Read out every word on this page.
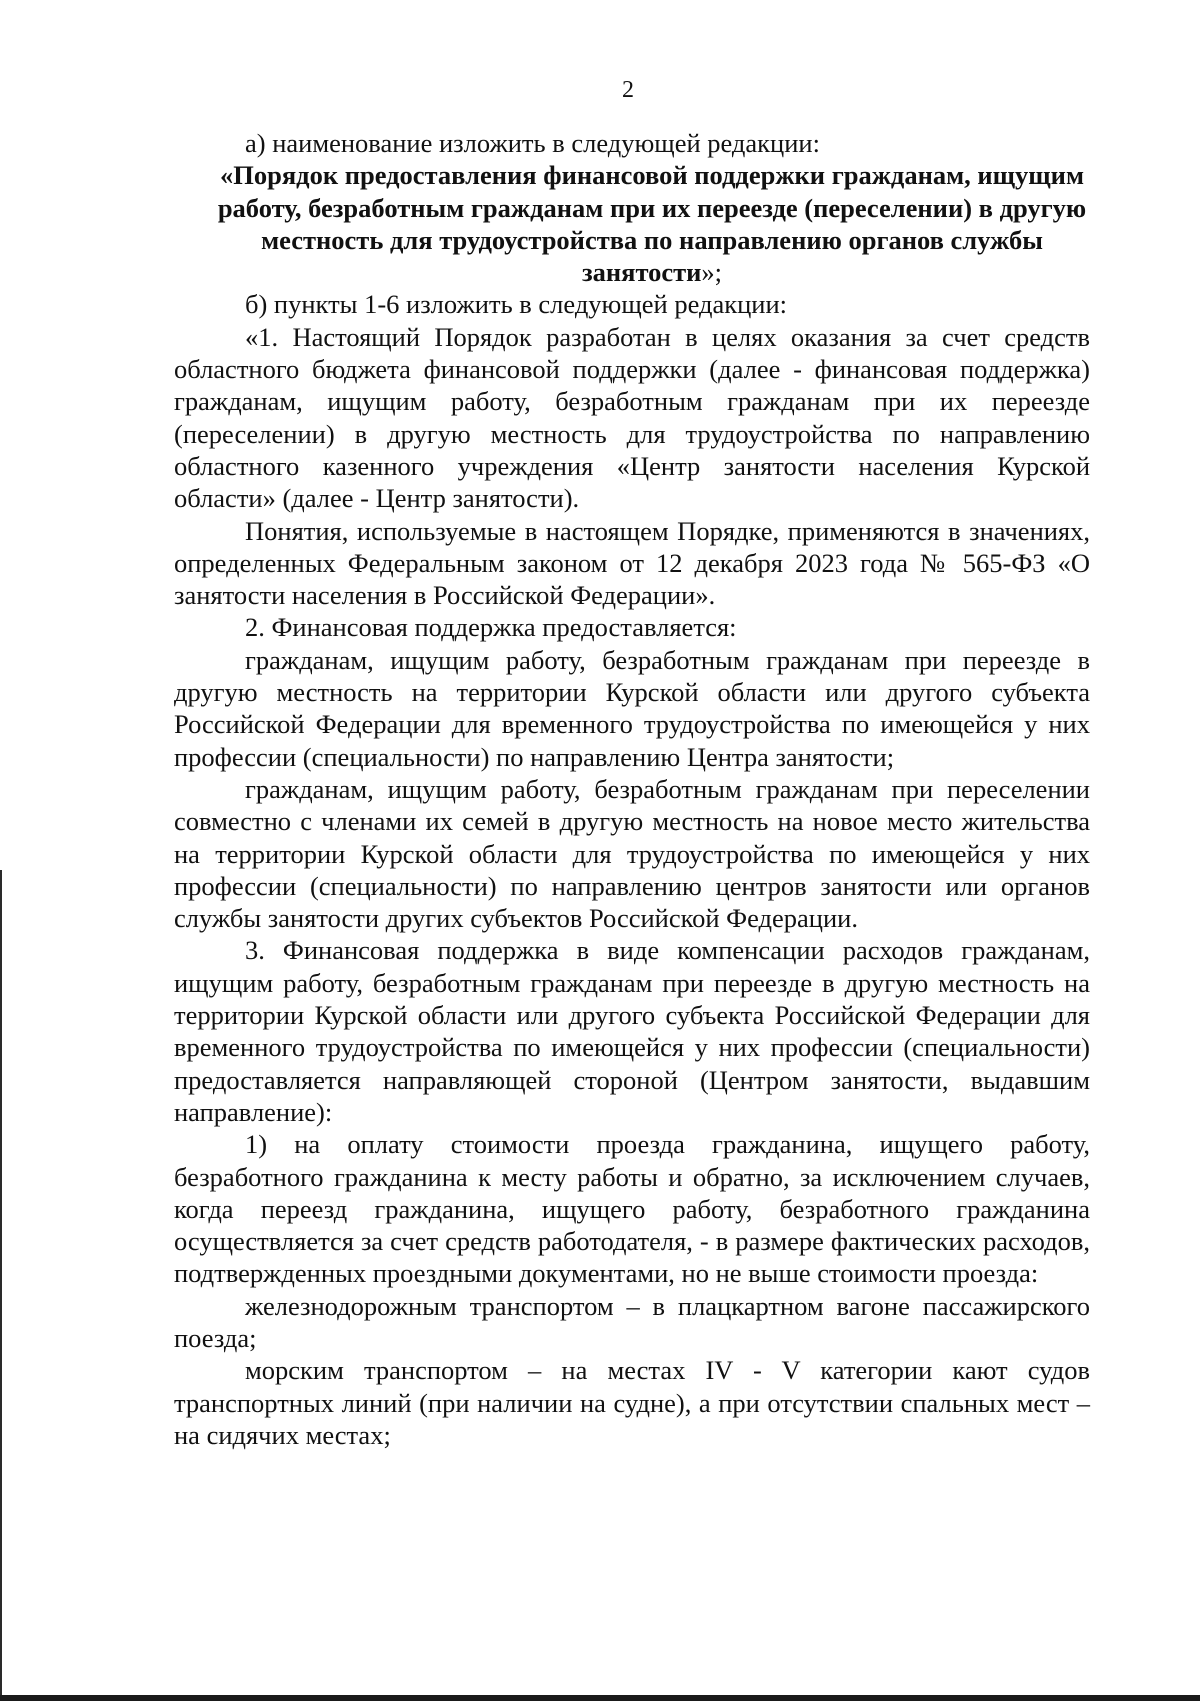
2

а) наименование изложить в следующей редакции:

«Порядок предоставления финансовой поддержки гражданам, ищущим работу, безработным гражданам при их переезде (переселении) в другую местность для трудоустройства по направлению органов службы занятости»;

б) пункты 1-6 изложить в следующей редакции:

«1. Настоящий Порядок разработан в целях оказания за счет средств областного бюджета финансовой поддержки (далее - финансовая поддержка) гражданам, ищущим работу, безработным гражданам при их переезде (переселении) в другую местность для трудоустройства по направлению областного казенного учреждения «Центр занятости населения Курской области» (далее - Центр занятости).

Понятия, используемые в настоящем Порядке, применяются в значениях, определенных Федеральным законом от 12 декабря 2023 года № 565-ФЗ «О занятости населения в Российской Федерации».

2. Финансовая поддержка предоставляется:

гражданам, ищущим работу, безработным гражданам при переезде в другую местность на территории Курской области или другого субъекта Российской Федерации для временного трудоустройства по имеющейся у них профессии (специальности) по направлению Центра занятости;

гражданам, ищущим работу, безработным гражданам при переселении совместно с членами их семей в другую местность на новое место жительства на территории Курской области для трудоустройства по имеющейся у них профессии (специальности) по направлению центров занятости или органов службы занятости других субъектов Российской Федерации.

3. Финансовая поддержка в виде компенсации расходов гражданам, ищущим работу, безработным гражданам при переезде в другую местность на территории Курской области или другого субъекта Российской Федерации для временного трудоустройства по имеющейся у них профессии (специальности) предоставляется направляющей стороной (Центром занятости, выдавшим направление):

1) на оплату стоимости проезда гражданина, ищущего работу, безработного гражданина к месту работы и обратно, за исключением случаев, когда переезд гражданина, ищущего работу, безработного гражданина осуществляется за счет средств работодателя, - в размере фактических расходов, подтвержденных проездными документами, но не выше стоимости проезда:

железнодорожным транспортом – в плацкартном вагоне пассажирского поезда;

морским транспортом – на местах IV - V категории кают судов транспортных линий (при наличии на судне), а при отсутствии спальных мест – на сидячих местах;
